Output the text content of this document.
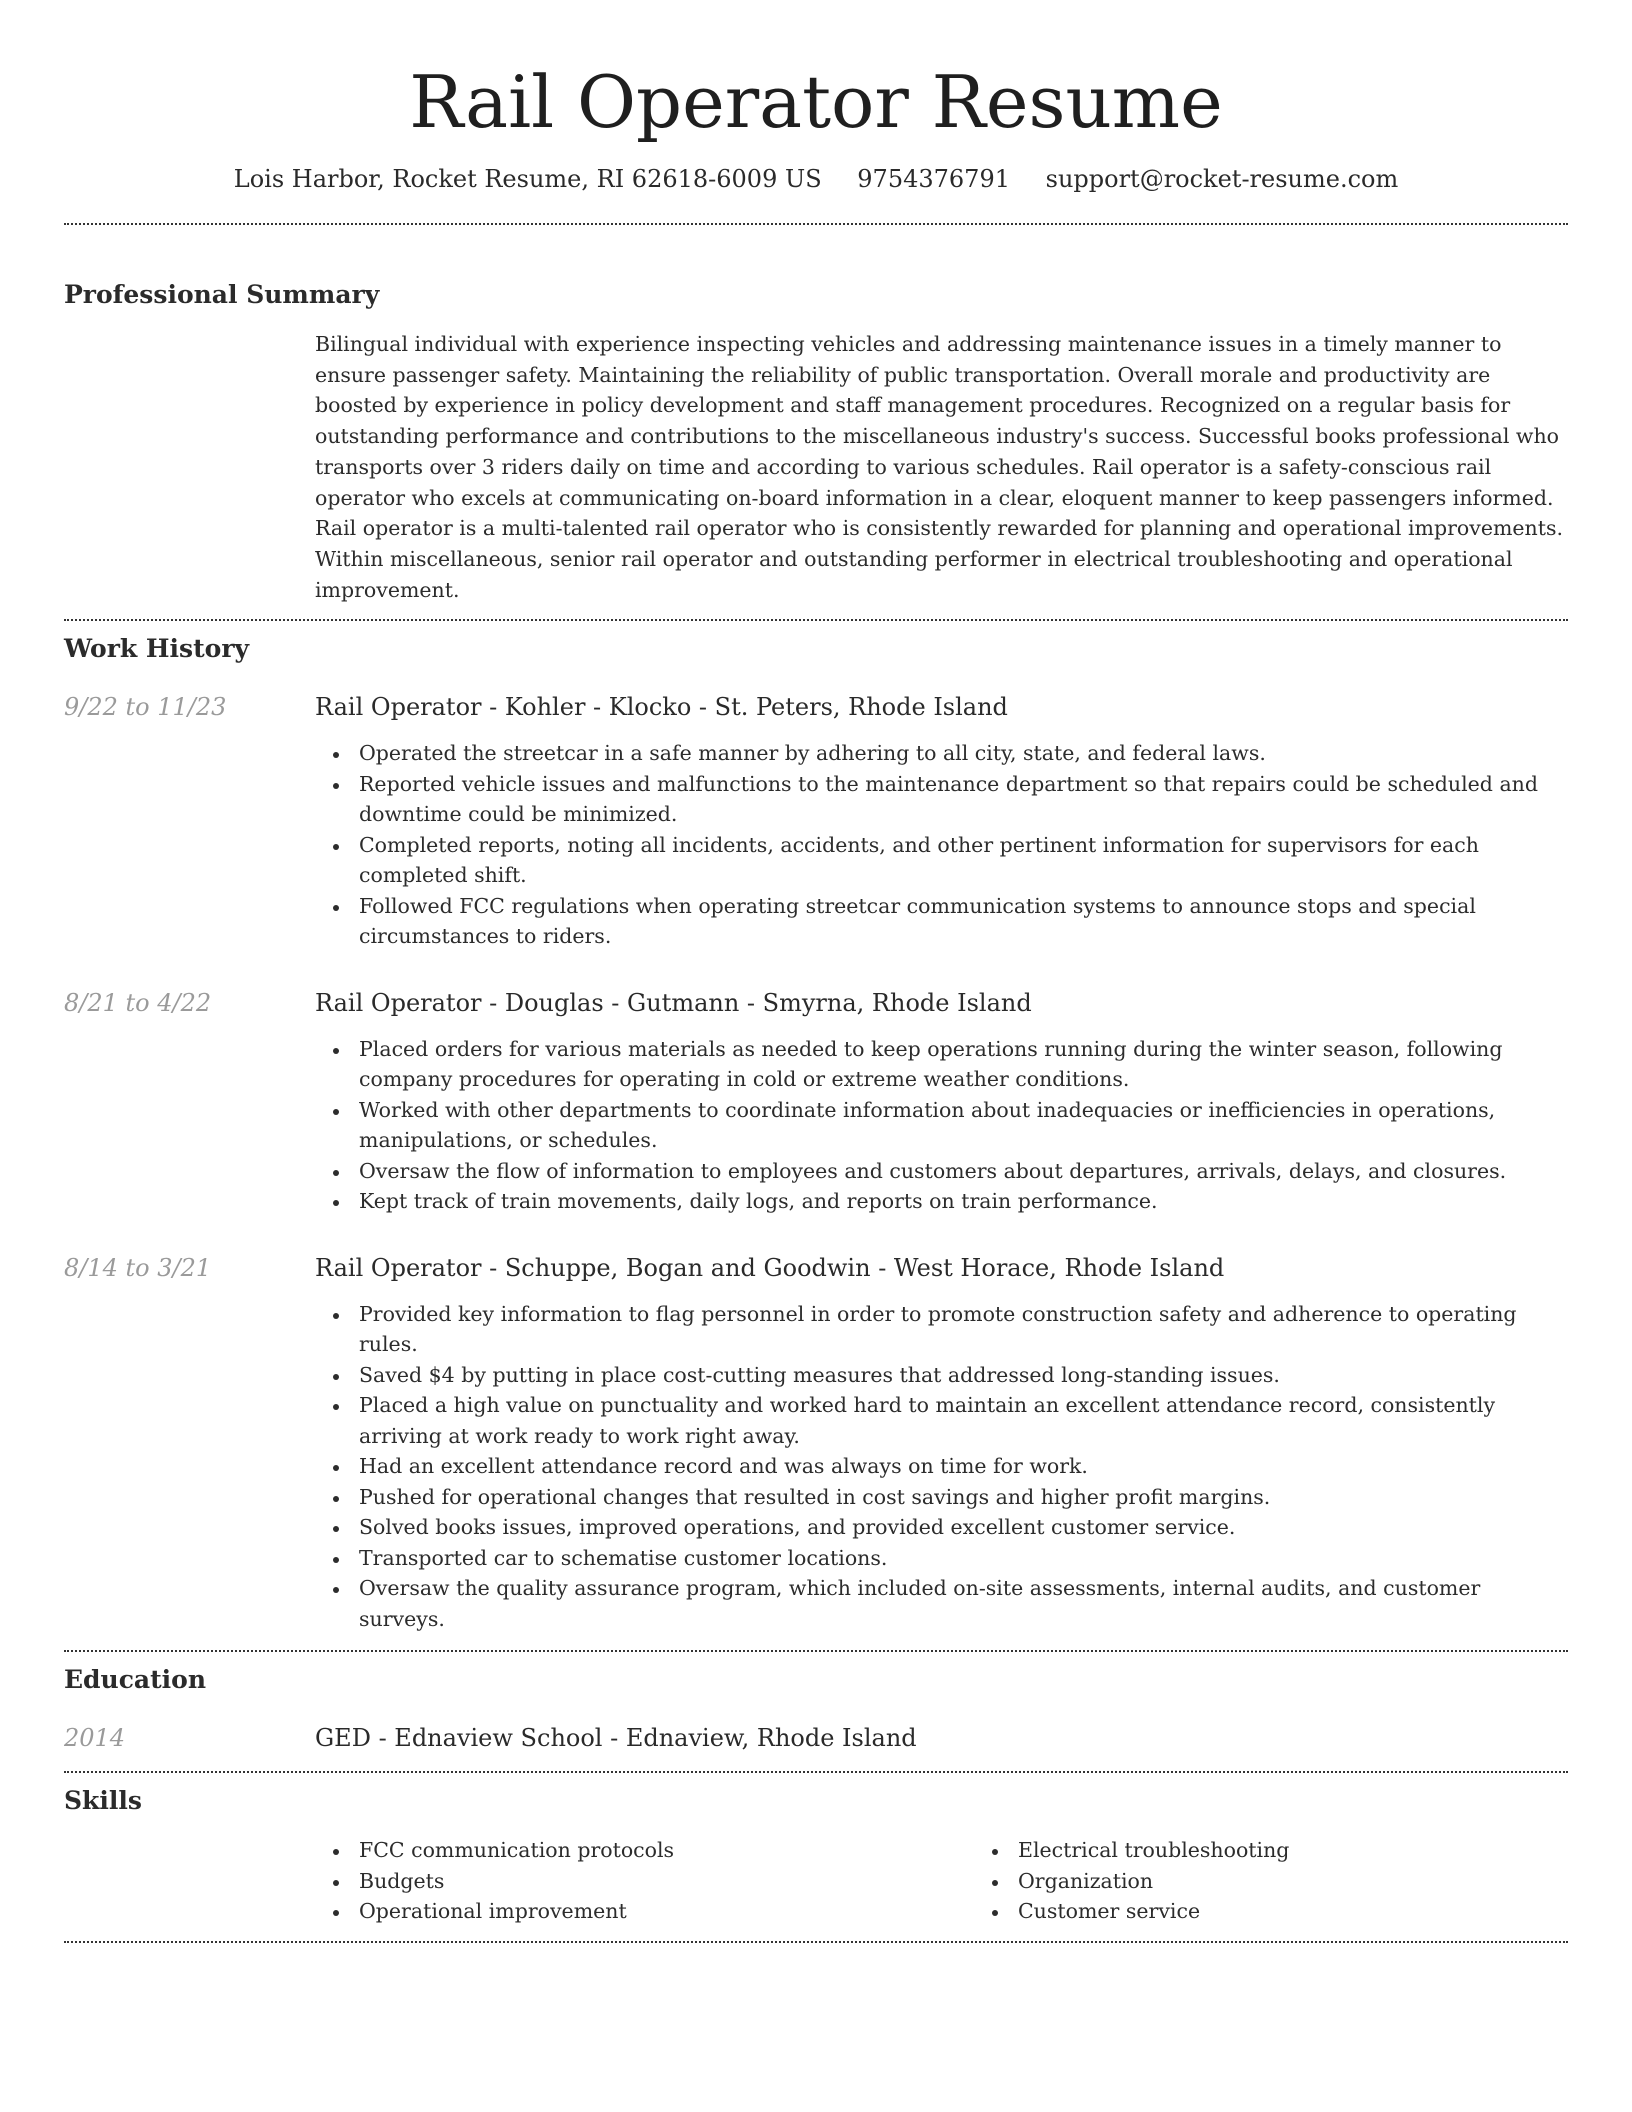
Rail Operator Resume
Lois Harbor, Rocket Resume, RI 62618-6009 US 9754376791 support@rocket-resume.com
Professional Summary

Bilingual individual with experience inspecting vehicles and addressing maintenance issues in a timely manner to ensure passenger safety. Maintaining the reliability of public transportation. Overall morale and productivity are boosted by experience in policy development and staff management procedures. Recognized on a regular basis for outstanding performance and contributions to the miscellaneous industry's success. Successful books professional who transports over 3 riders daily on time and according to various schedules. Rail operator is a safety-conscious rail operator who excels at communicating on-board information in a clear, eloquent manner to keep passengers informed. Rail operator is a multi-talented rail operator who is consistently rewarded for planning and operational improvements. Within miscellaneous, senior rail operator and outstanding performer in electrical troubleshooting and operational improvement.

Work History
9/22 to 11/23	Rail Operator - Kohler - Klocko - St. Peters, Rhode Island
Operated the streetcar in a safe manner by adhering to all city, state, and federal laws.
Reported vehicle issues and malfunctions to the maintenance department so that repairs could be scheduled and downtime could be minimized.
Completed reports, noting all incidents, accidents, and other pertinent information for supervisors for each completed shift.
Followed FCC regulations when operating streetcar communication systems to announce stops and special circumstances to riders.
8/21 to 4/22	Rail Operator - Douglas - Gutmann - Smyrna, Rhode Island
Placed orders for various materials as needed to keep operations running during the winter season, following company procedures for operating in cold or extreme weather conditions.
Worked with other departments to coordinate information about inadequacies or inefficiencies in operations, manipulations, or schedules.
Oversaw the flow of information to employees and customers about departures, arrivals, delays, and closures.
Kept track of train movements, daily logs, and reports on train performance.
8/14 to 3/21	Rail Operator - Schuppe, Bogan and Goodwin - West Horace, Rhode Island
Provided key information to flag personnel in order to promote construction safety and adherence to operating rules.
Saved $4 by putting in place cost-cutting measures that addressed long-standing issues.
Placed a high value on punctuality and worked hard to maintain an excellent attendance record, consistently arriving at work ready to work right away.
Had an excellent attendance record and was always on time for work.
Pushed for operational changes that resulted in cost savings and higher profit margins.
Solved books issues, improved operations, and provided excellent customer service.
Transported car to schematise customer locations.
Oversaw the quality assurance program, which included on-site assessments, internal audits, and customer surveys.
Education
2014	GED - Ednaview School - Ednaview, Rhode Island
Skills
FCC communication protocols
Budgets
Operational improvement
Electrical troubleshooting
Organization
Customer service
